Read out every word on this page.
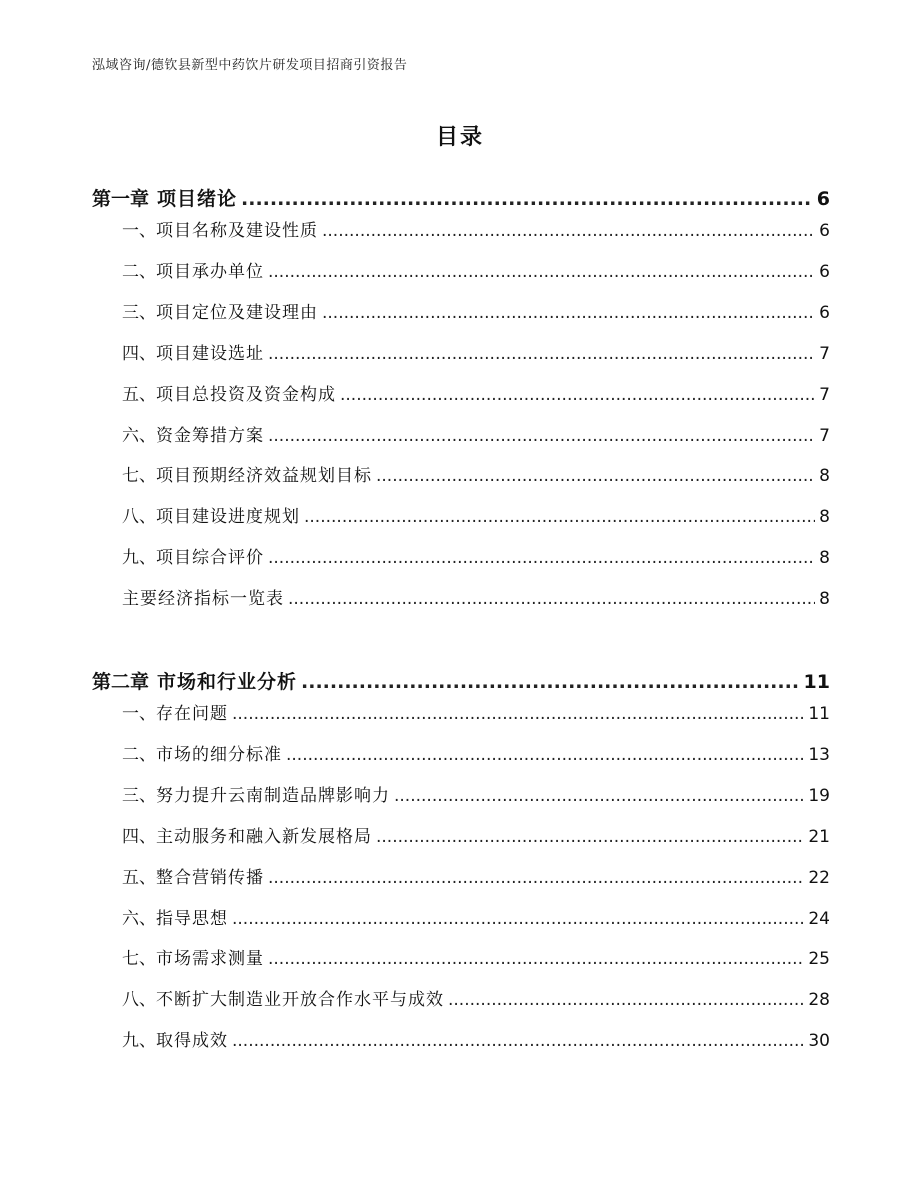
泓域咨询/德钦县新型中药饮片研发项目招商引资报告
目录
第一章 项目绪论 .....	6
一、 项目名称及建设性质 .....	6
二、 项目承办单位 .....	6
三、 项目定位及建设理由 .....	6
四、 项目建设选址 .....	7
五、 项目总投资及资金构成 .....	7
六、 资金筹措方案 .....	7
七、 项目预期经济效益规划目标 .....	8
八、 项目建设进度规划 .....	8
九、 项目综合评价 .....	8
主要经济指标一览表 .....	8
第二章 市场和行业分析 .....	11
一、 存在问题 .....	11
二、 市场的细分标准 .....	13
三、 努力提升云南制造品牌影响力 .....	19
四、 主动服务和融入新发展格局 .....	21
五、 整合营销传播 .....	22
六、 指导思想 .....	24
七、 市场需求测量 .....	25
八、 不断扩大制造业开放合作水平与成效 .....	28
九、 取得成效 .....	30
